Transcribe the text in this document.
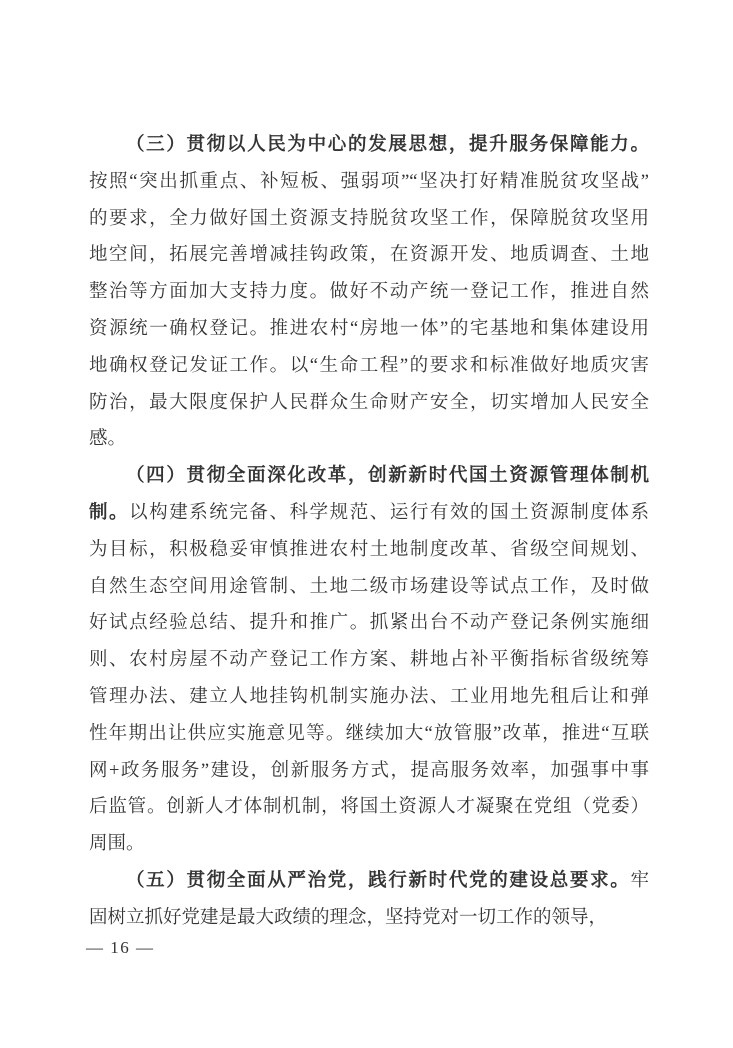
（三）贯彻以人民为中心的发展思想，提升服务保障能力。
按照“突出抓重点、补短板、强弱项”“坚决打好精准脱贫攻坚战”
的要求，全力做好国土资源支持脱贫攻坚工作，保障脱贫攻坚用
地空间，拓展完善增减挂钩政策，在资源开发、地质调查、土地
整治等方面加大支持力度。做好不动产统一登记工作，推进自然
资源统一确权登记。推进农村“房地一体”的宅基地和集体建设用
地确权登记发证工作。以“生命工程”的要求和标准做好地质灾害
防治，最大限度保护人民群众生命财产安全，切实增加人民安全
感。
（四）贯彻全面深化改革，创新新时代国土资源管理体制机
制。以构建系统完备、科学规范、运行有效的国土资源制度体系
为目标，积极稳妥审慎推进农村土地制度改革、省级空间规划、
自然生态空间用途管制、土地二级市场建设等试点工作，及时做
好试点经验总结、提升和推广。抓紧出台不动产登记条例实施细
则、农村房屋不动产登记工作方案、耕地占补平衡指标省级统筹
管理办法、建立人地挂钩机制实施办法、工业用地先租后让和弹
性年期出让供应实施意见等。继续加大“放管服”改革，推进“互联
网+政务服务”建设，创新服务方式，提高服务效率，加强事中事
后监管。创新人才体制机制，将国土资源人才凝聚在党组（党委）
周围。
（五）贯彻全面从严治党，践行新时代党的建设总要求。牢
固树立抓好党建是最大政绩的理念，坚持党对一切工作的领导，
— 16 —
